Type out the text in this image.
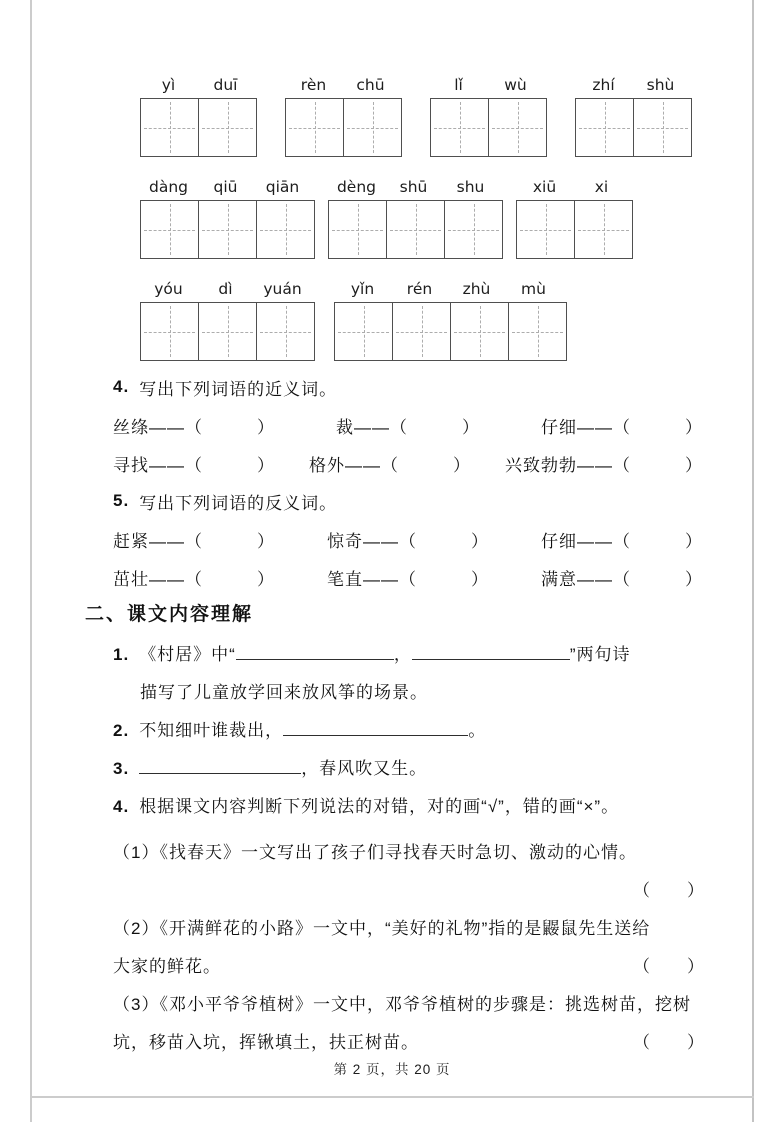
yì	duī	rèn	chū	lǐ	wù	zhí	shù
dàng	qiū	qiān	dèng	shū	shu	xiū	xi
yóu	dì	yuán	yǐn	rén	zhù	mù
4. 写出下列词语的近义词。
丝绦——（　　　）	裁——（　　　）	仔细——（　　　）
寻找——（　　　） 格外——（　　　） 兴致勃勃——（　　　）
5. 写出下列词语的反义词。
赶紧——（　　　）	惊奇——（　　　）	仔细——（　　　）
茁壮——（　　　）	笔直——（　　　）	满意——（　　　）
二、课文内容理解
1. 《村居》中“	，	”两句诗
描写了儿童放学回来放风筝的场景。
2. 不知细叶谁裁出，	。
3.	，春风吹又生。
4. 根据课文内容判断下列说法的对错，对的画“√”，错的画“×”。
（1）《找春天》一文写出了孩子们寻找春天时急切、激动的心情。
（　　）
（2）《开满鲜花的小路》一文中，“美好的礼物”指的是鼹鼠先生送给
大家的鲜花。	（　　）
（3）《邓小平爷爷植树》一文中，邓爷爷植树的步骤是：挑选树苗，挖树
坑，移苗入坑，挥锹填土，扶正树苗。	（　　）
第 2 页，共 20 页
